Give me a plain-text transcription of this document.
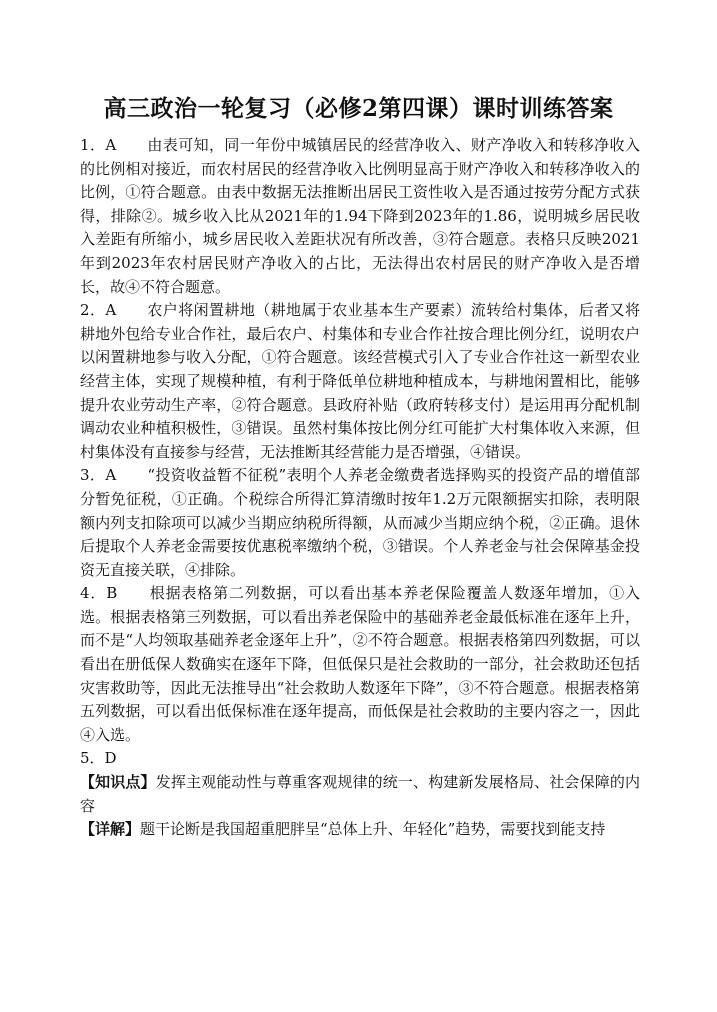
高三政治一轮复习（必修2第四课）课时训练答案

1．A　　 由表可知，同一年份中城镇居民的经营净收入、财产净收入和转移净收入的比例相对接近，而农村居民的经营净收入比例明显高于财产净收入和转移净收入的比例，①符合题意。由表中数据无法推断出居民工资性收入是否通过按劳分配方式获得，排除②。城乡收入比从2021年的1.94下降到2023年的1.86，说明城乡居民收入差距有所缩小，城乡居民收入差距状况有所改善，③符合题意。表格只反映2021年到2023年农村居民财产净收入的占比，无法得出农村居民的财产净收入是否增长，故④不符合题意。

2．A　　 农户将闲置耕地（耕地属于农业基本生产要素）流转给村集体，后者又将耕地外包给专业合作社，最后农户、村集体和专业合作社按合理比例分红，说明农户以闲置耕地参与收入分配，①符合题意。该经营模式引入了专业合作社这一新型农业经营主体，实现了规模种植，有利于降低单位耕地种植成本，与耕地闲置相比，能够提升农业劳动生产率，②符合题意。县政府补贴（政府转移支付）是运用再分配机制调动农业种植积极性，③错误。虽然村集体按比例分红可能扩大村集体收入来源，但村集体没有直接参与经营，无法推断其经营能力是否增强，④错误。

3．A　　 “投资收益暂不征税”表明个人养老金缴费者选择购买的投资产品的增值部分暂免征税，①正确。个税综合所得汇算清缴时按年1.2万元限额据实扣除，表明限额内列支扣除项可以减少当期应纳税所得额，从而减少当期应纳个税，②正确。退休后提取个人养老金需要按优惠税率缴纳个税，③错误。个人养老金与社会保障基金投资无直接关联，④排除。

4．B　　 根据表格第二列数据，可以看出基本养老保险覆盖人数逐年增加，①入选。根据表格第三列数据，可以看出养老保险中的基础养老金最低标准在逐年上升，而不是“人均领取基础养老金逐年上升”，②不符合题意。根据表格第四列数据，可以看出在册低保人数确实在逐年下降，但低保只是社会救助的一部分，社会救助还包括灾害救助等，因此无法推导出“社会救助人数逐年下降”，③不符合题意。根据表格第五列数据，可以看出低保标准在逐年提高，而低保是社会救助的主要内容之一，因此④入选。

5．D

【知识点】发挥主观能动性与尊重客观规律的统一、构建新发展格局、社会保障的内容

【详解】题干论断是我国超重肥胖呈“总体上升、年轻化”趋势，需要找到能支持
